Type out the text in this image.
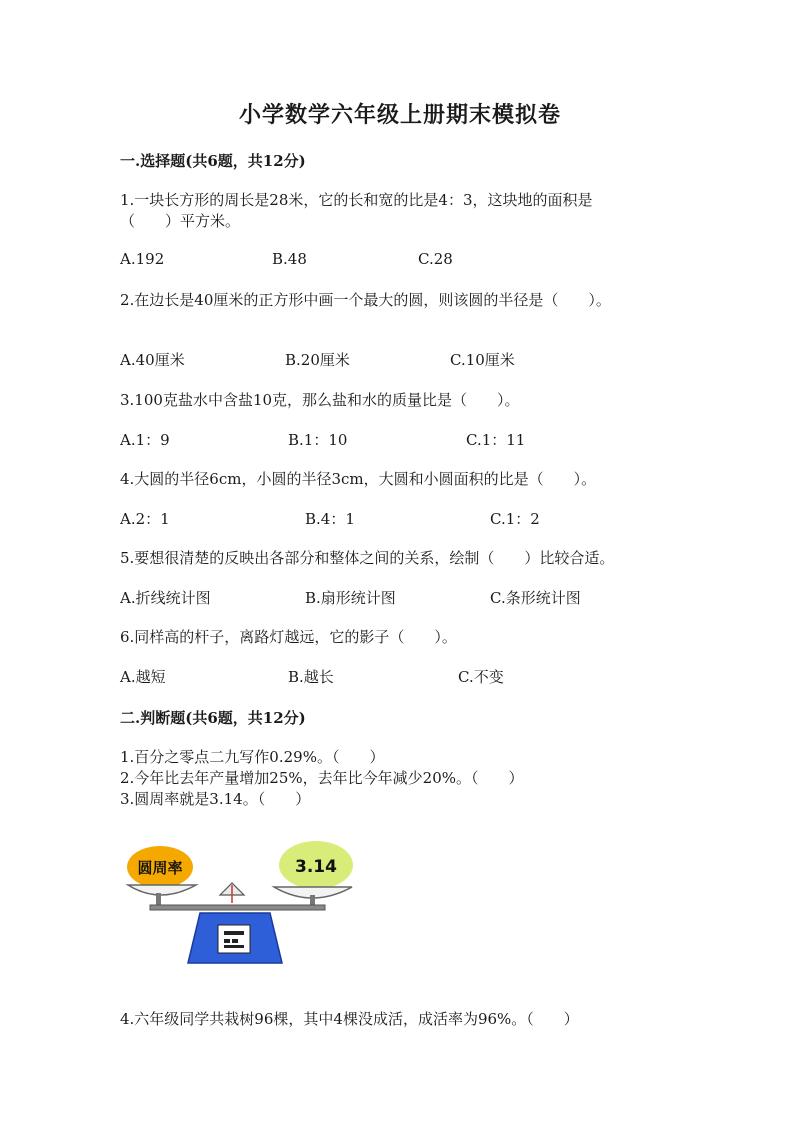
小学数学六年级上册期末模拟卷
一.选择题(共6题，共12分)
1.一块长方形的周长是28米，它的长和宽的比是4：3，这块地的面积是
（　　）平方米。
A.192	B.48	C.28
2.在边长是40厘米的正方形中画一个最大的圆，则该圆的半径是（　　）。
A.40厘米	B.20厘米	C.10厘米
3.100克盐水中含盐10克，那么盐和水的质量比是（　　）。
A.1：9	B.1：10	C.1：11
4.大圆的半径6cm，小圆的半径3cm，大圆和小圆面积的比是（　　）。
A.2：1	B.4：1	C.1：2
5.要想很清楚的反映出各部分和整体之间的关系，绘制（　　）比较合适。
A.折线统计图	B.扇形统计图	C.条形统计图
6.同样高的杆子，离路灯越远，它的影子（　　）。
A.越短	B.越长	C.不变
二.判断题(共6题，共12分)
1.百分之零点二九写作0.29%。（　　）
2.今年比去年产量增加25%，去年比今年减少20%。（　　）
3.圆周率就是3.14。（　　）
圆周率	3.14
4.六年级同学共栽树96棵，其中4棵没成活，成活率为96%。（　　）
